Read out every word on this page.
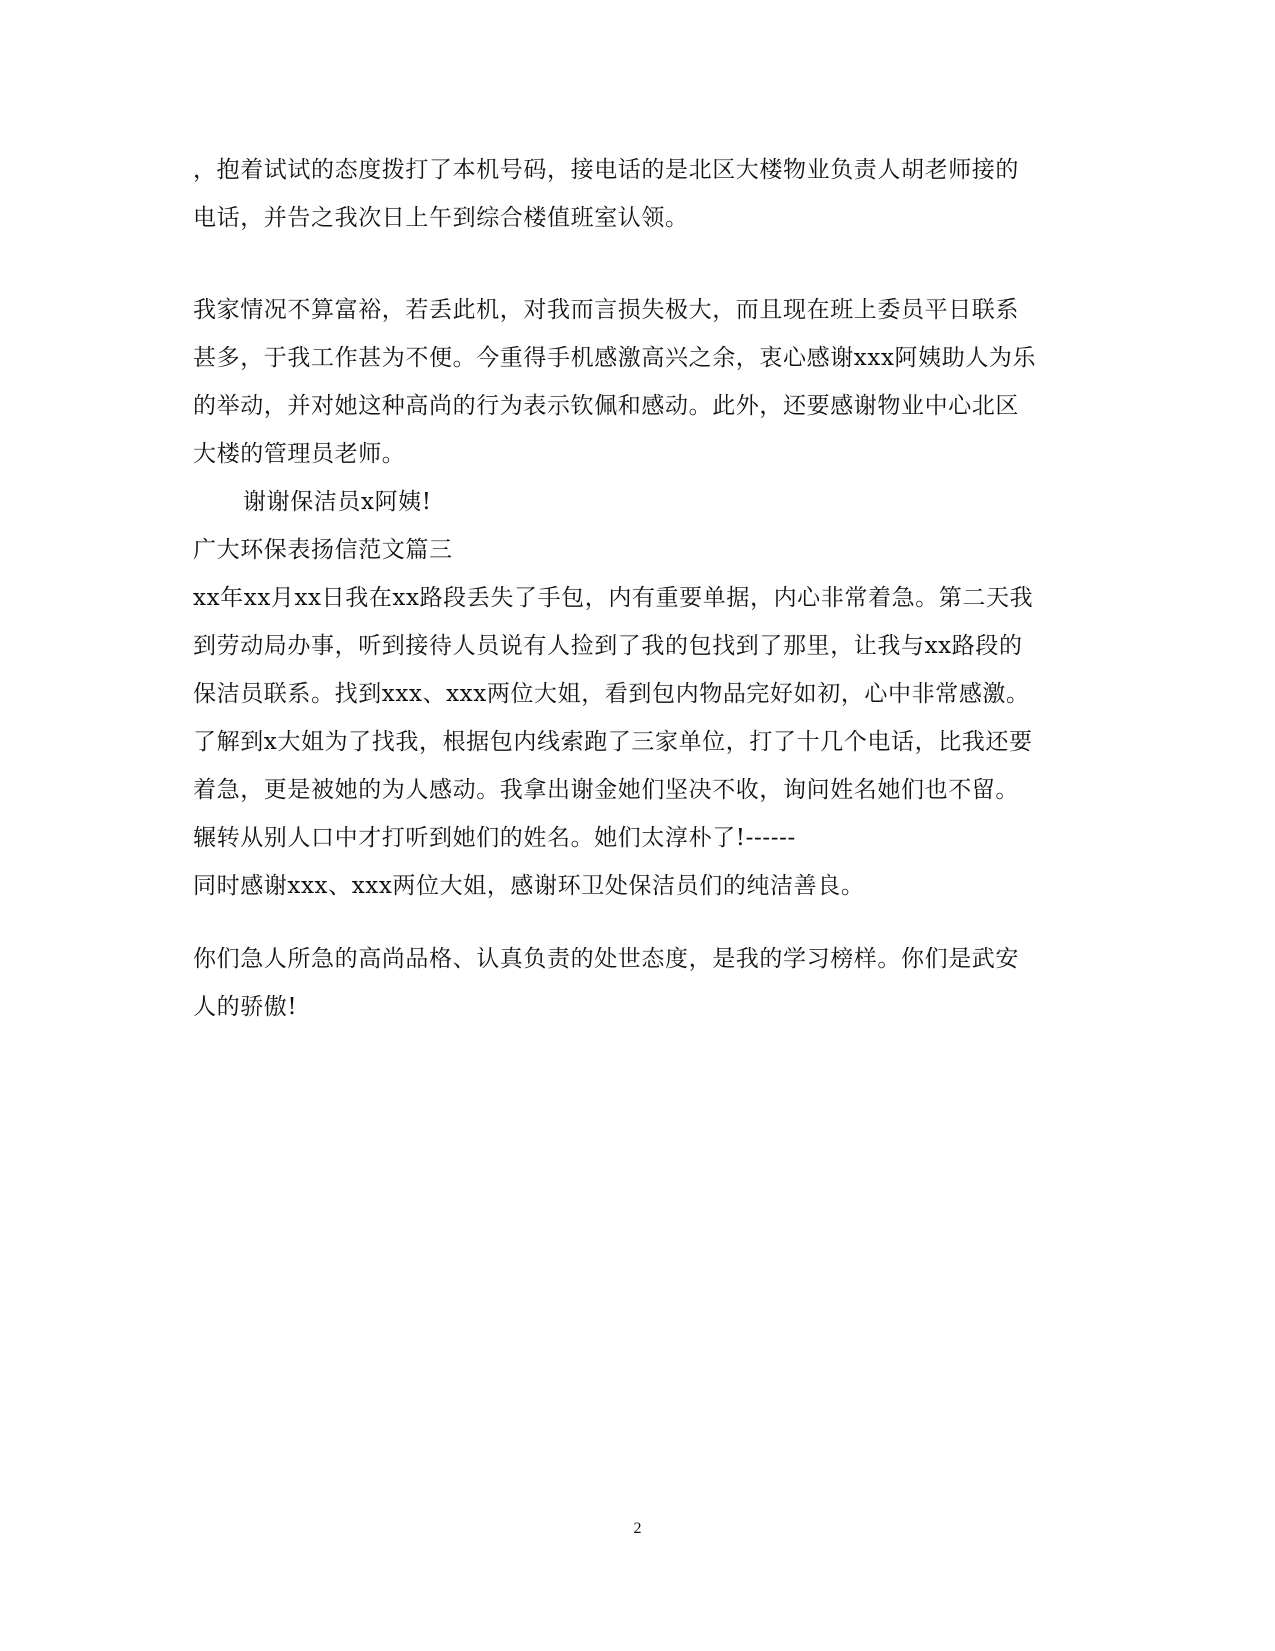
，抱着试试的态度拨打了本机号码，接电话的是北区大楼物业负责人胡老师接的
电话，并告之我次日上午到综合楼值班室认领。
我家情况不算富裕，若丢此机，对我而言损失极大，而且现在班上委员平日联系
甚多，于我工作甚为不便。今重得手机感激高兴之余，衷心感谢xxx阿姨助人为乐
的举动，并对她这种高尚的行为表示钦佩和感动。此外，还要感谢物业中心北区
大楼的管理员老师。
谢谢保洁员x阿姨!
广大环保表扬信范文篇三
xx年xx月xx日我在xx路段丢失了手包，内有重要单据，内心非常着急。第二天我
到劳动局办事，听到接待人员说有人捡到了我的包找到了那里，让我与xx路段的
保洁员联系。找到xxx、xxx两位大姐，看到包内物品完好如初，心中非常感激。
了解到x大姐为了找我，根据包内线索跑了三家单位，打了十几个电话，比我还要
着急，更是被她的为人感动。我拿出谢金她们坚决不收，询问姓名她们也不留。
辗转从别人口中才打听到她们的姓名。她们太淳朴了!------
同时感谢xxx、xxx两位大姐，感谢环卫处保洁员们的纯洁善良。
你们急人所急的高尚品格、认真负责的处世态度，是我的学习榜样。你们是武安
人的骄傲!
2
